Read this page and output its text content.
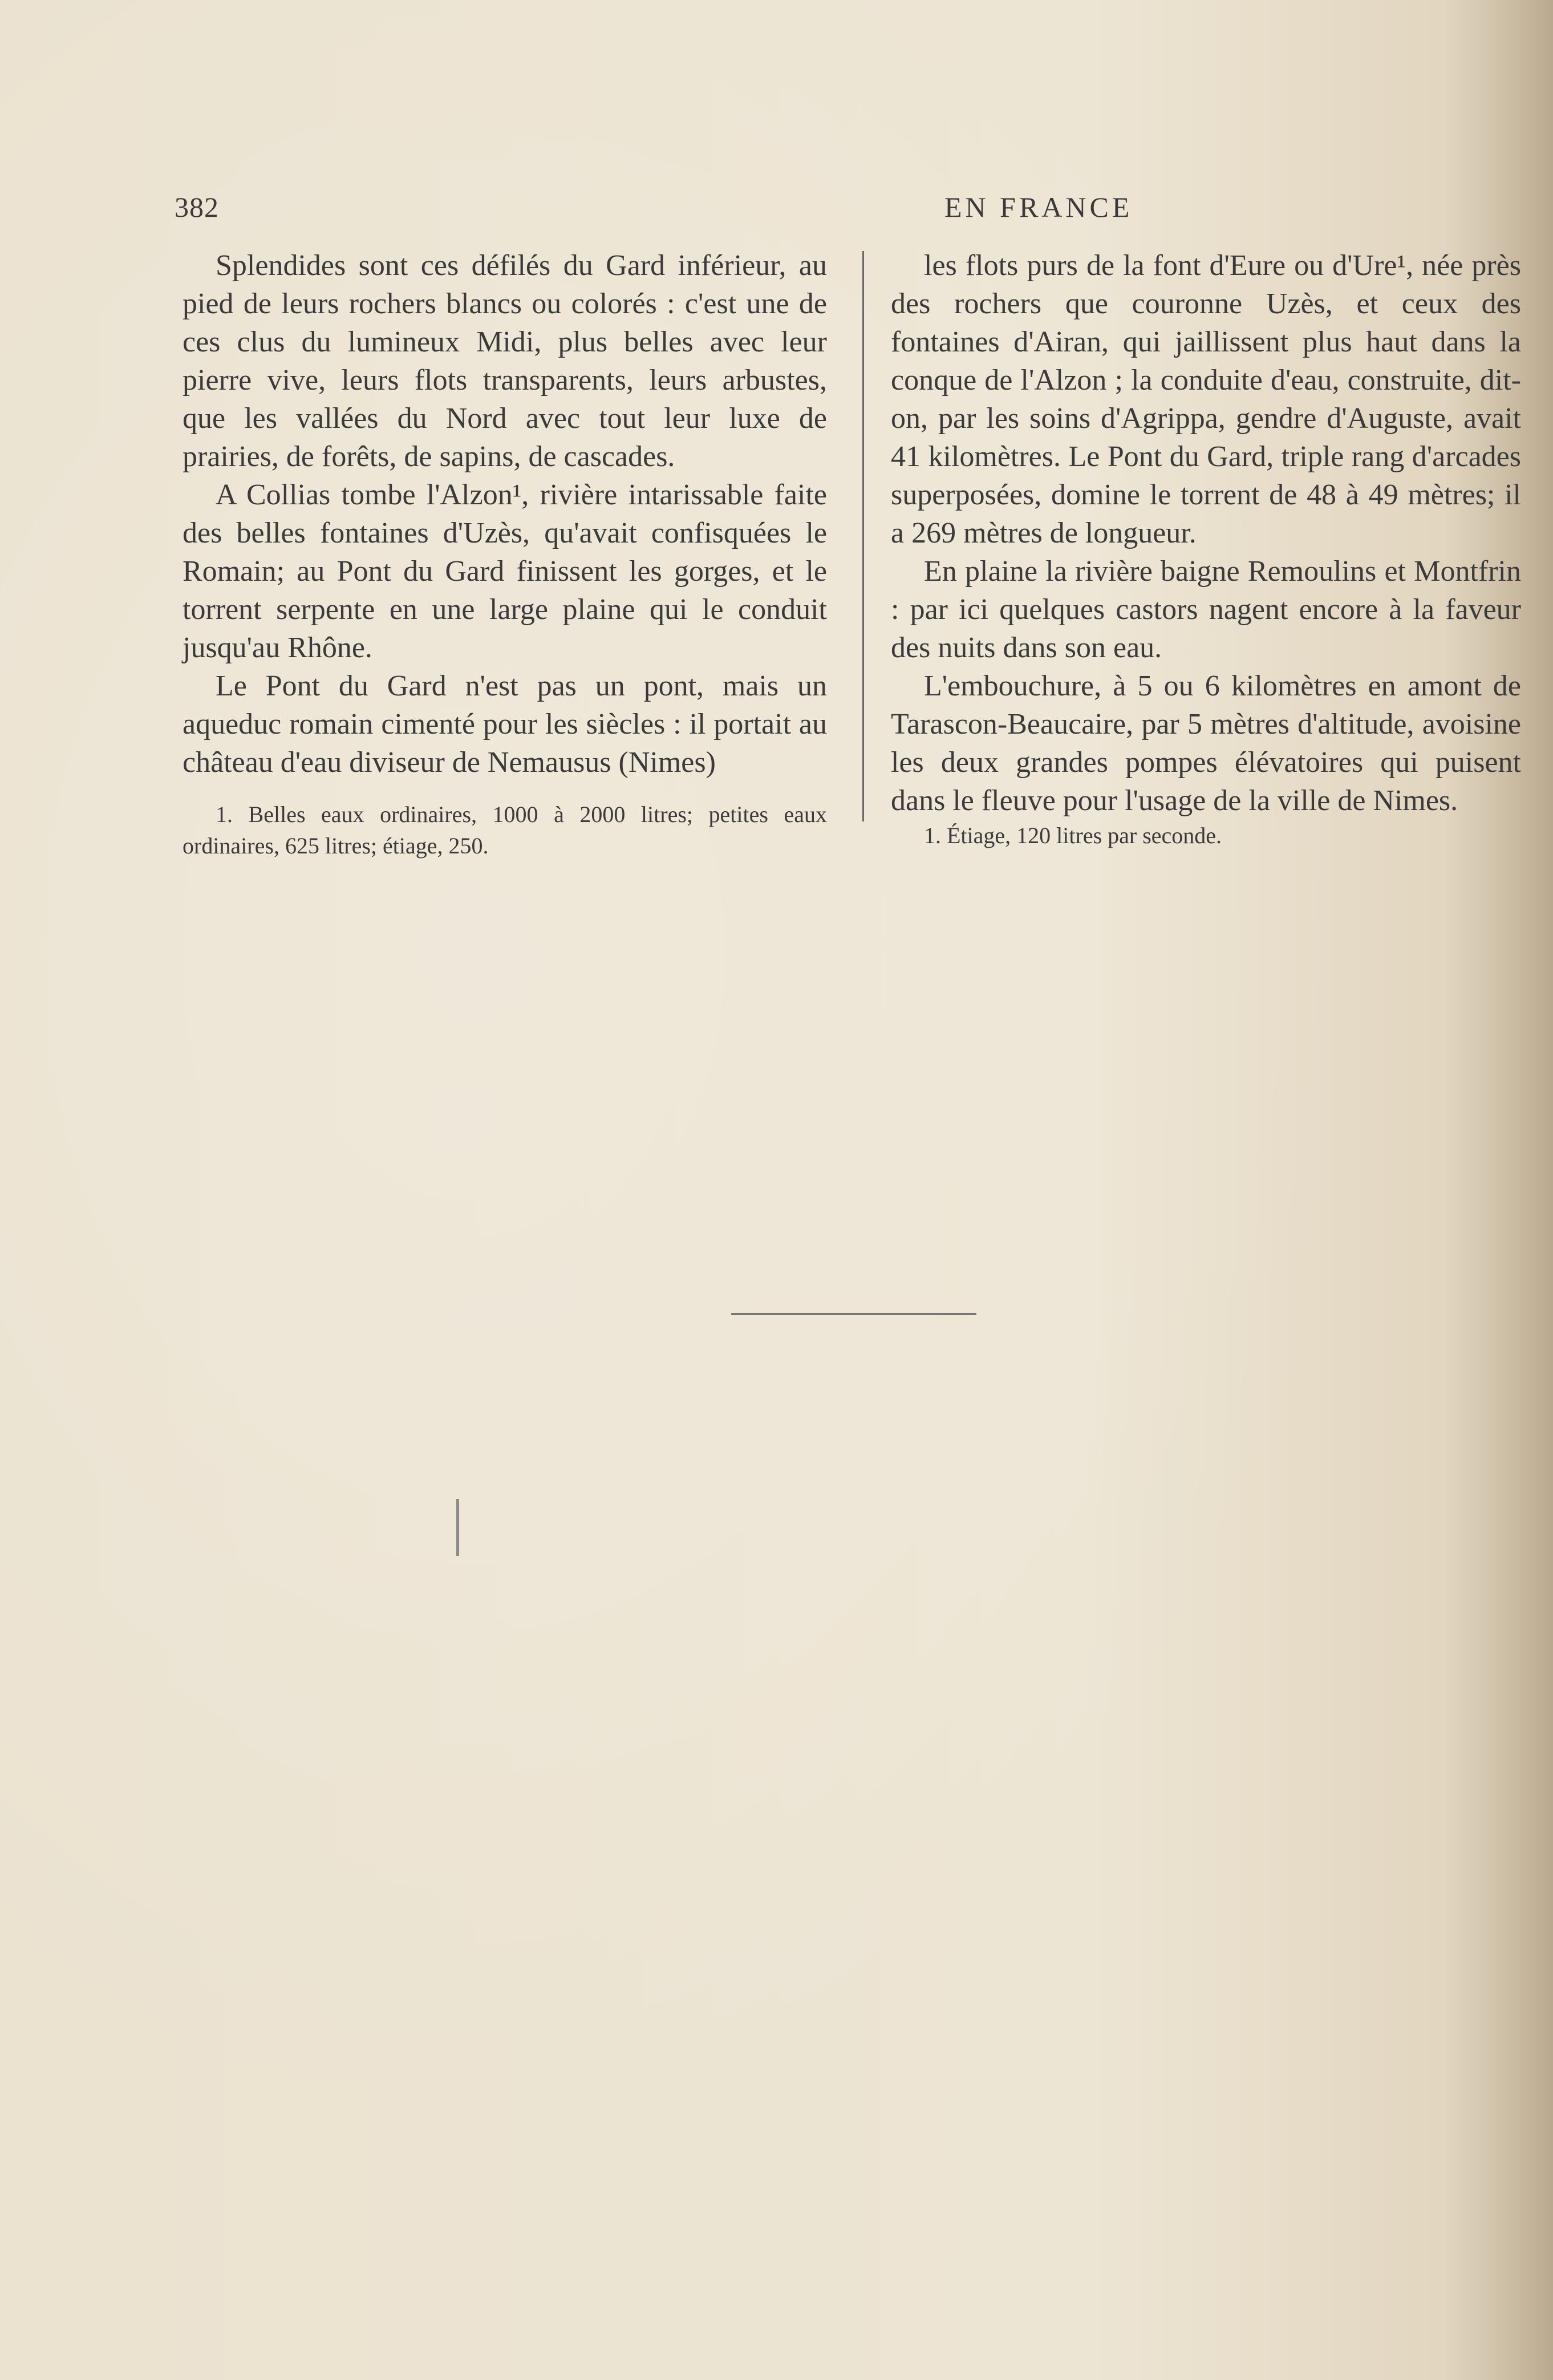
382	EN FRANCE

Splendides sont ces défilés du Gard inférieur, au pied de leurs rochers blancs ou colorés : c'est une de ces clus du lumineux Midi, plus belles avec leur pierre vive, leurs flots transparents, leurs arbustes, que les vallées du Nord avec tout leur luxe de prairies, de forêts, de sapins, de cascades.

A Collias tombe l'Alzon¹, rivière intarissable faite des belles fontaines d'Uzès, qu'avait confisquées le Romain; au Pont du Gard finissent les gorges, et le torrent serpente en une large plaine qui le conduit jusqu'au Rhône.

Le Pont du Gard n'est pas un pont, mais un aqueduc romain cimenté pour les siècles : il portait au château d'eau diviseur de Nemausus (Nimes)

1. Belles eaux ordinaires, 1000 à 2000 litres; petites eaux ordinaires, 625 litres; étiage, 250.

les flots purs de la font d'Eure ou d'Ure¹, née près des rochers que couronne Uzès, et ceux des fontaines d'Airan, qui jaillissent plus haut dans la conque de l'Alzon ; la conduite d'eau, construite, dit-on, par les soins d'Agrippa, gendre d'Auguste, avait 41 kilomètres. Le Pont du Gard, triple rang d'arcades superposées, domine le torrent de 48 à 49 mètres; il a 269 mètres de longueur.

En plaine la rivière baigne Remoulins et Montfrin : par ici quelques castors nagent encore à la faveur des nuits dans son eau.

L'embouchure, à 5 ou 6 kilomètres en amont de Tarascon-Beaucaire, par 5 mètres d'altitude, avoisine les deux grandes pompes élévatoires qui puisent dans le fleuve pour l'usage de la ville de Nimes.

1. Étiage, 120 litres par seconde.
